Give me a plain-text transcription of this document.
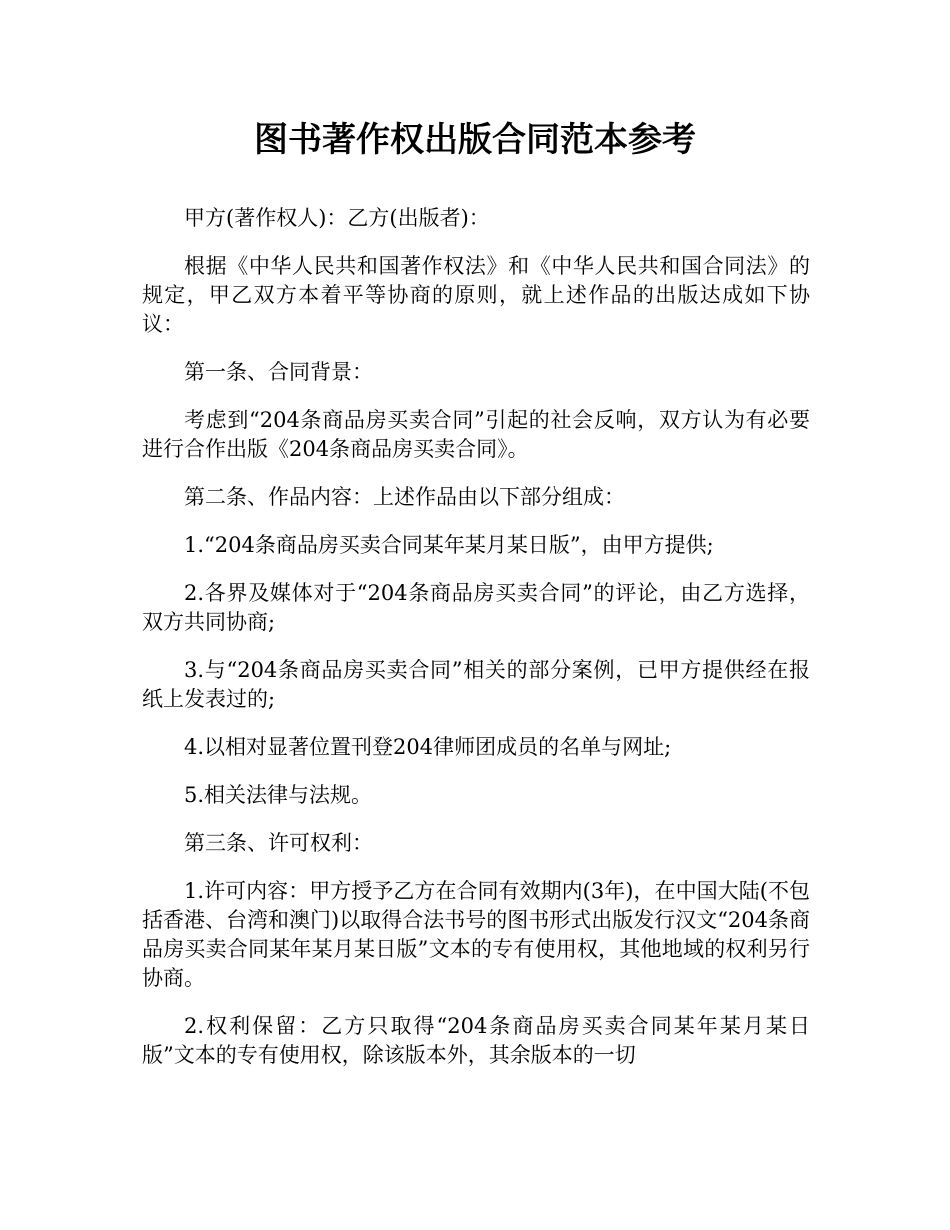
图书著作权出版合同范本参考

甲方(著作权人)：乙方(出版者)：

根据《中华人民共和国著作权法》和《中华人民共和国合同法》的规定，甲乙双方本着平等协商的原则，就上述作品的出版达成如下协议：

第一条、合同背景：

考虑到“204条商品房买卖合同”引起的社会反响，双方认为有必要进行合作出版《204条商品房买卖合同》。

第二条、作品内容：上述作品由以下部分组成：

1.“204条商品房买卖合同某年某月某日版”，由甲方提供;

2.各界及媒体对于“204条商品房买卖合同”的评论，由乙方选择，双方共同协商;

3.与“204条商品房买卖合同”相关的部分案例，已甲方提供经在报纸上发表过的;

4.以相对显著位置刊登204律师团成员的名单与网址;

5.相关法律与法规。

第三条、许可权利：

1.许可内容：甲方授予乙方在合同有效期内(3年)，在中国大陆(不包括香港、台湾和澳门)以取得合法书号的图书形式出版发行汉文“204条商品房买卖合同某年某月某日版”文本的专有使用权，其他地域的权利另行协商。

2.权利保留：乙方只取得“204条商品房买卖合同某年某月某日版”文本的专有使用权，除该版本外，其余版本的一切
